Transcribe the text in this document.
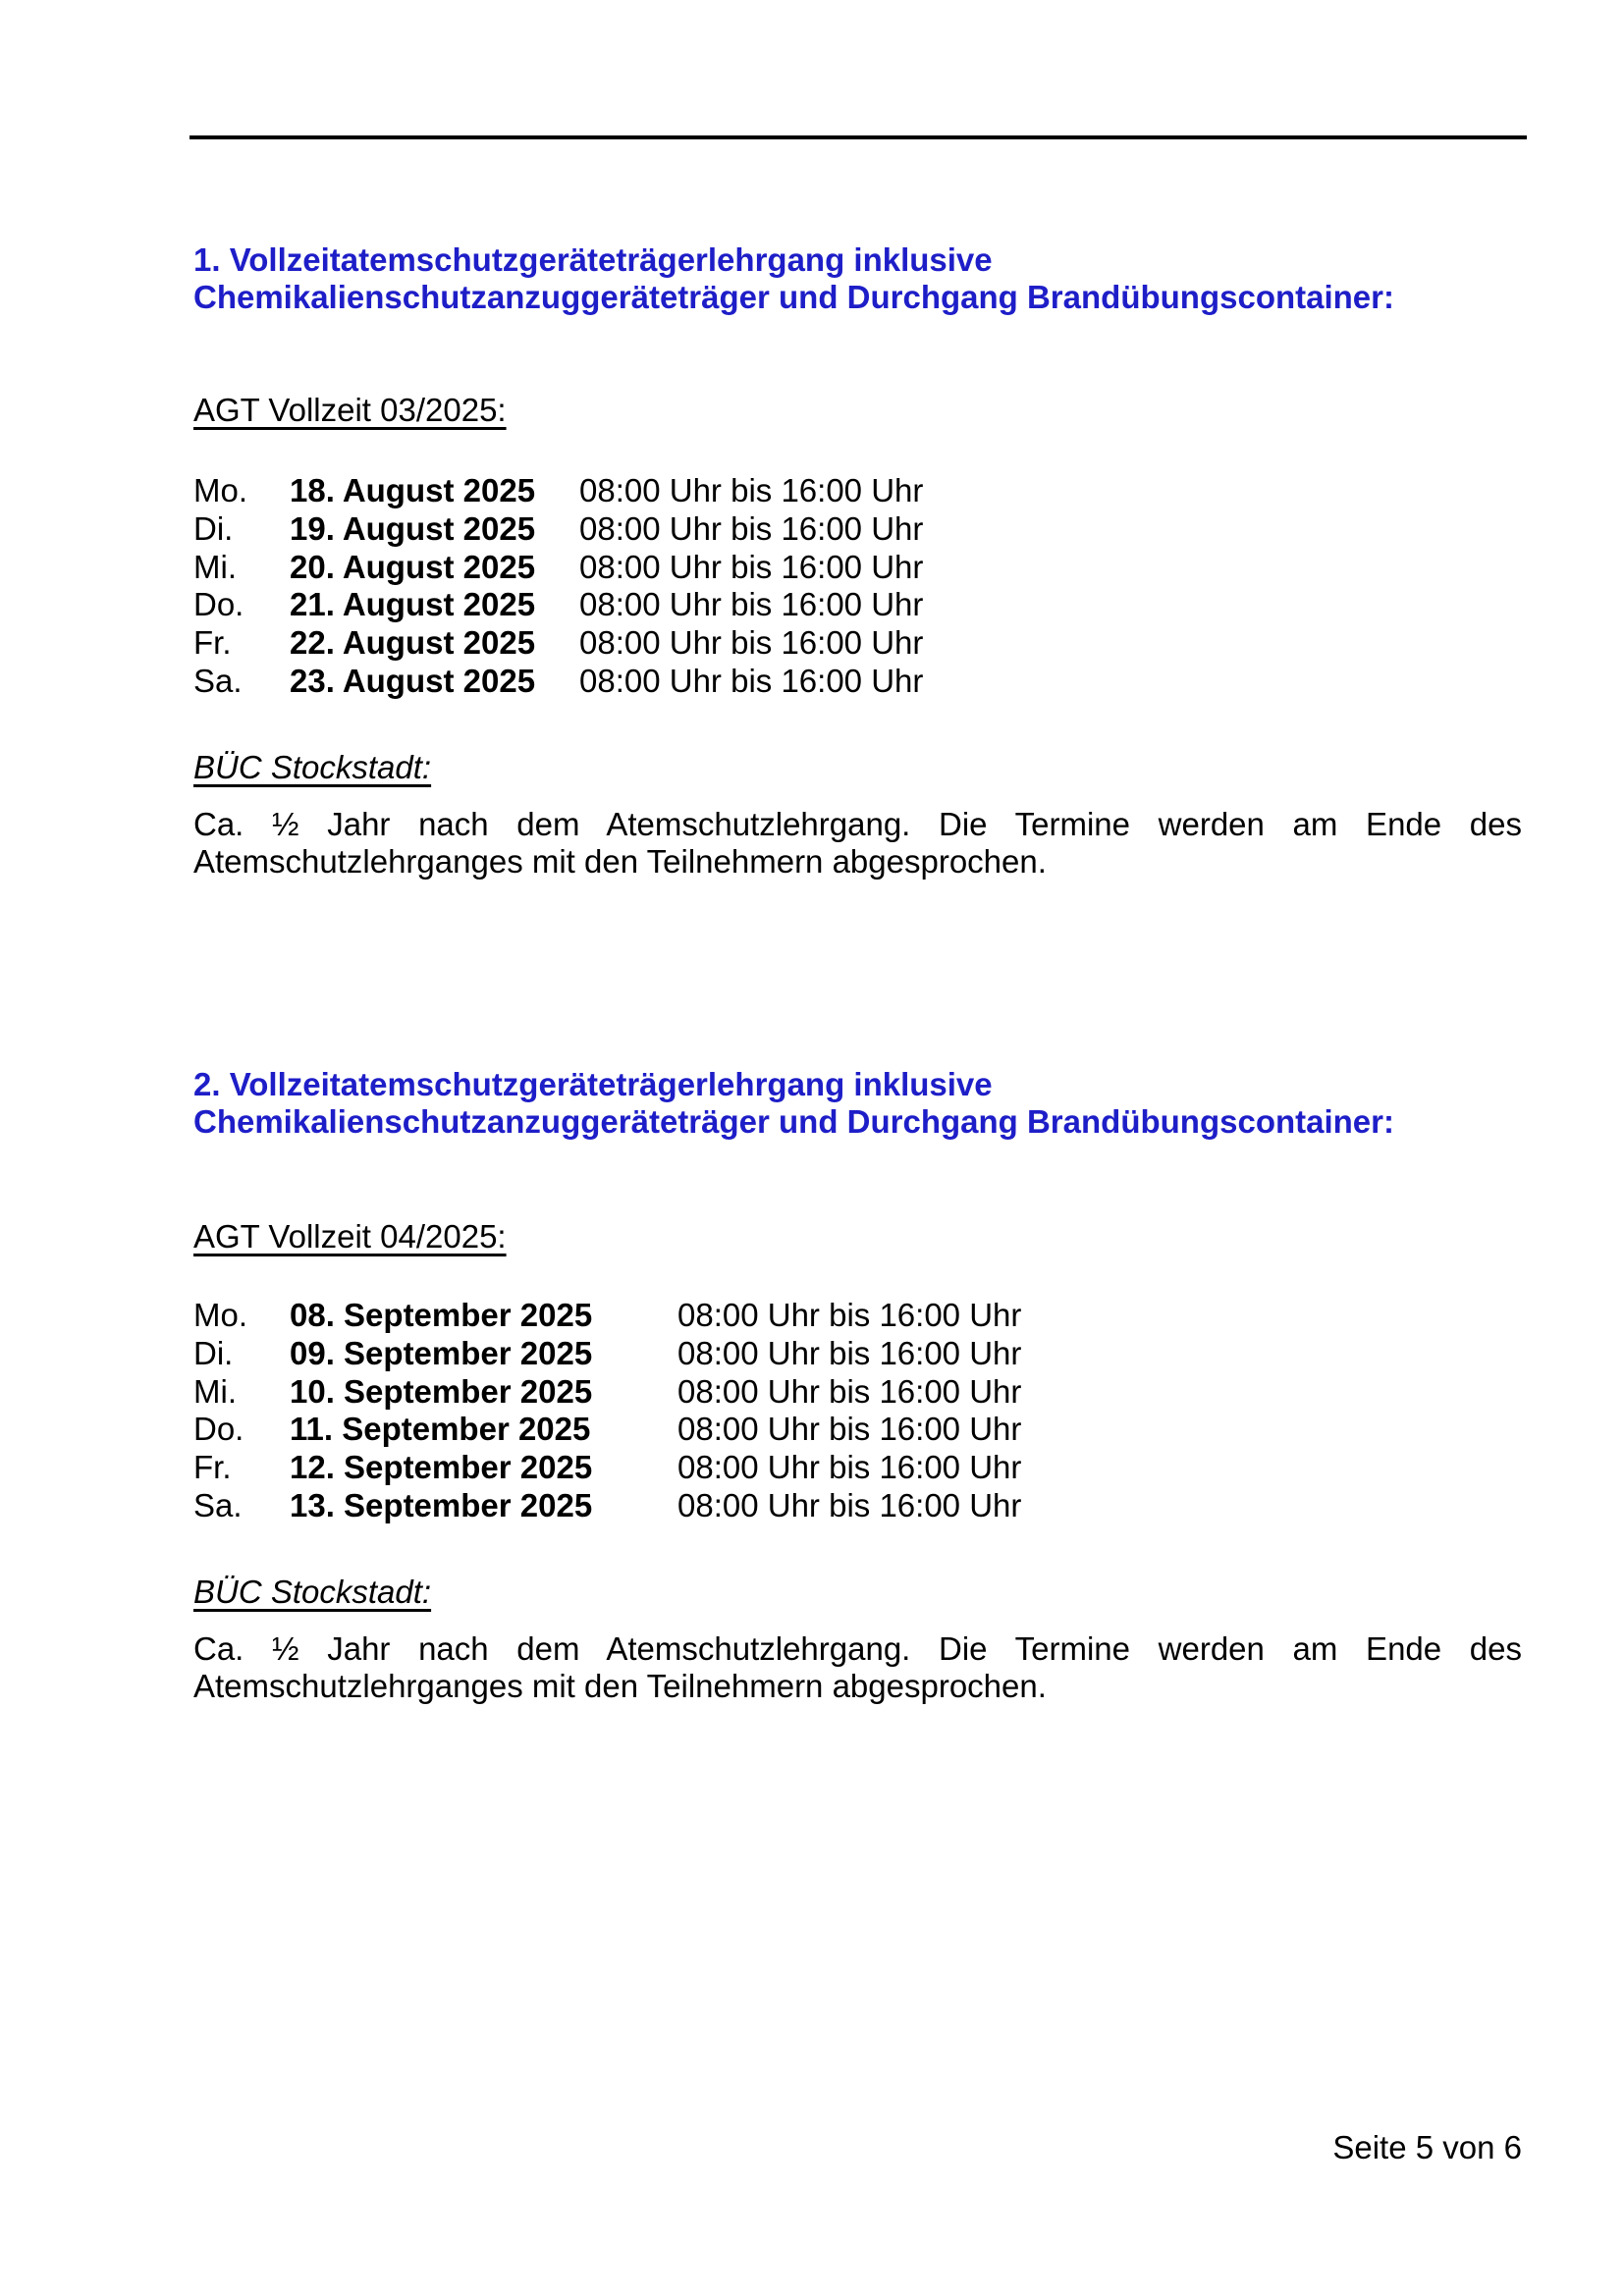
1. Vollzeitatemschutzgeräteträgerlehrgang inklusive
Chemikalienschutzanzuggeräteträger und Durchgang Brandübungscontainer:
AGT Vollzeit 03/2025:
Mo.	18. August 2025	08:00 Uhr bis 16:00 Uhr
Di.	19. August 2025	08:00 Uhr bis 16:00 Uhr
Mi.	20. August 2025	08:00 Uhr bis 16:00 Uhr
Do.	21. August 2025	08:00 Uhr bis 16:00 Uhr
Fr.	22. August 2025	08:00 Uhr bis 16:00 Uhr
Sa.	23. August 2025	08:00 Uhr bis 16:00 Uhr
BÜC Stockstadt:
Ca. ½ Jahr nach dem Atemschutzlehrgang. Die Termine werden am Ende des
Atemschutzlehrganges mit den Teilnehmern abgesprochen.
2. Vollzeitatemschutzgeräteträgerlehrgang inklusive
Chemikalienschutzanzuggeräteträger und Durchgang Brandübungscontainer:
AGT Vollzeit 04/2025:
Mo.	08. September 2025	08:00 Uhr bis 16:00 Uhr
Di.	09. September 2025	08:00 Uhr bis 16:00 Uhr
Mi.	10. September 2025	08:00 Uhr bis 16:00 Uhr
Do.	11. September 2025	08:00 Uhr bis 16:00 Uhr
Fr.	12. September 2025	08:00 Uhr bis 16:00 Uhr
Sa.	13. September 2025	08:00 Uhr bis 16:00 Uhr
BÜC Stockstadt:
Ca. ½ Jahr nach dem Atemschutzlehrgang. Die Termine werden am Ende des
Atemschutzlehrganges mit den Teilnehmern abgesprochen.
Seite 5 von 6
